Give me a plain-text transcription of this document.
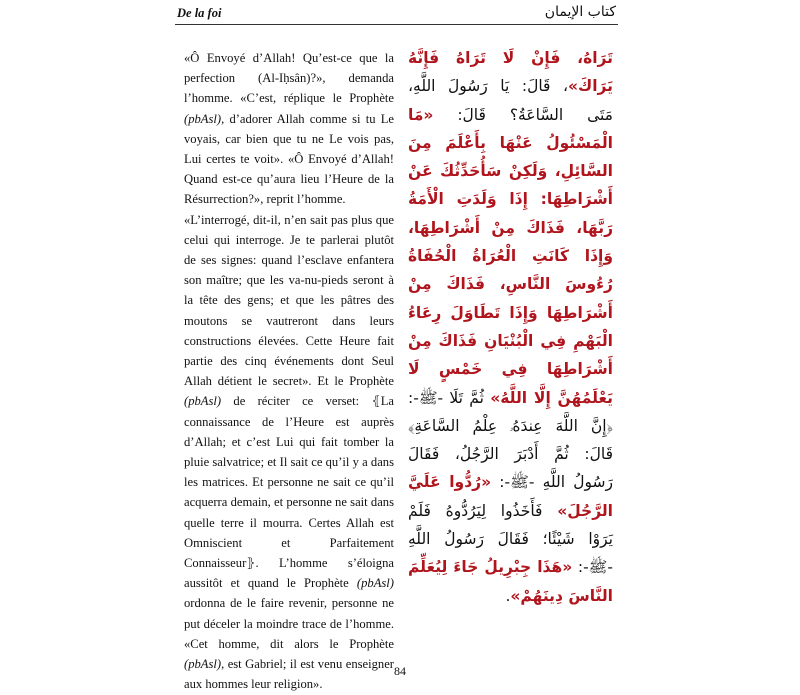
De la foi	كتاب الإيمان

«Ô Envoyé d’Allah! Qu’est-ce que la perfection (Al-Iḥsân)?», demanda l’homme. «C’est, réplique le Prophète (pbAsl), d’adorer Allah comme si tu Le voyais, car bien que tu ne Le vois pas, Lui certes te voit». «Ô Envoyé d’Allah! Quand est-ce qu’aura lieu l’Heure de la Résurrection?», reprit l’homme.

«L’interrogé, dit-il, n’en sait pas plus que celui qui interroge. Je te parlerai plutôt de ses signes: quand l’esclave enfantera son maître; que les va-nu-pieds seront à la tête des gens; et que les pâtres des moutons se vautreront dans leurs constructions élevées. Cette Heure fait partie des cinq événements dont Seul Allah détient le secret». Et le Prophète (pbAsl) de réciter ce verset: ⦃La connaissance de l’Heure est auprès d’Allah; et c’est Lui qui fait tomber la pluie salvatrice; et Il sait ce qu’il y a dans les matrices. Et personne ne sait ce qu’il acquerra demain, et personne ne sait dans quelle terre il mourra. Certes Allah est Omniscient et Parfaitement Connaisseur⦄. L’homme s’éloigna aussitôt et quand le Prophète (pbAsl) ordonna de le faire revenir, personne ne put déceler la moindre trace de l’homme. «Cet homme, dit alors le Prophète (pbAsl), est Gabriel; il est venu enseigner aux hommes leur religion».

تَرَاهُ، فَإِنْ لَا تَرَاهُ فَإِنَّهُ يَرَاكَ»، قَالَ: يَا رَسُولَ اللَّهِ، مَتَى السَّاعَةُ؟ قَالَ: «مَا الْمَسْئُولُ عَنْهَا بِأَعْلَمَ مِنَ السَّائِلِ، وَلَكِنْ سَأُحَدِّثُكَ عَنْ أَشْرَاطِهَا: إِذَا وَلَدَتِ الْأَمَةُ رَبَّهَا، فَذَاكَ مِنْ أَشْرَاطِهَا، وَإِذَا كَانَتِ الْعُرَاةُ الْحُفَاةُ رُءُوسَ النَّاسِ، فَذَاكَ مِنْ أَشْرَاطِهَا وَإِذَا تَطَاوَلَ رِعَاءُ الْبَهْمِ فِي الْبُنْيَانِ فَذَاكَ مِنْ أَشْرَاطِهَا فِي خَمْسٍ لَا يَعْلَمُهُنَّ إِلَّا اللَّهُ» ثُمَّ تَلَا -ﷺ-: ﴿إِنَّ اللَّهَ عِندَهُۥ عِلْمُ السَّاعَةِ﴾ قَالَ: ثُمَّ أَدْبَرَ الرَّجُلُ، فَقَالَ رَسُولُ اللَّهِ -ﷺ-: «رُدُّوا عَلَيَّ الرَّجُلَ» فَأَخَذُوا لِيَرُدُّوهُ فَلَمْ يَرَوْا شَيْئًا؛ فَقَالَ رَسُولُ اللَّهِ -ﷺ-: «هَذَا جِبْرِيلُ جَاءَ لِيُعَلِّمَ النَّاسَ دِينَهُمْ».
84
